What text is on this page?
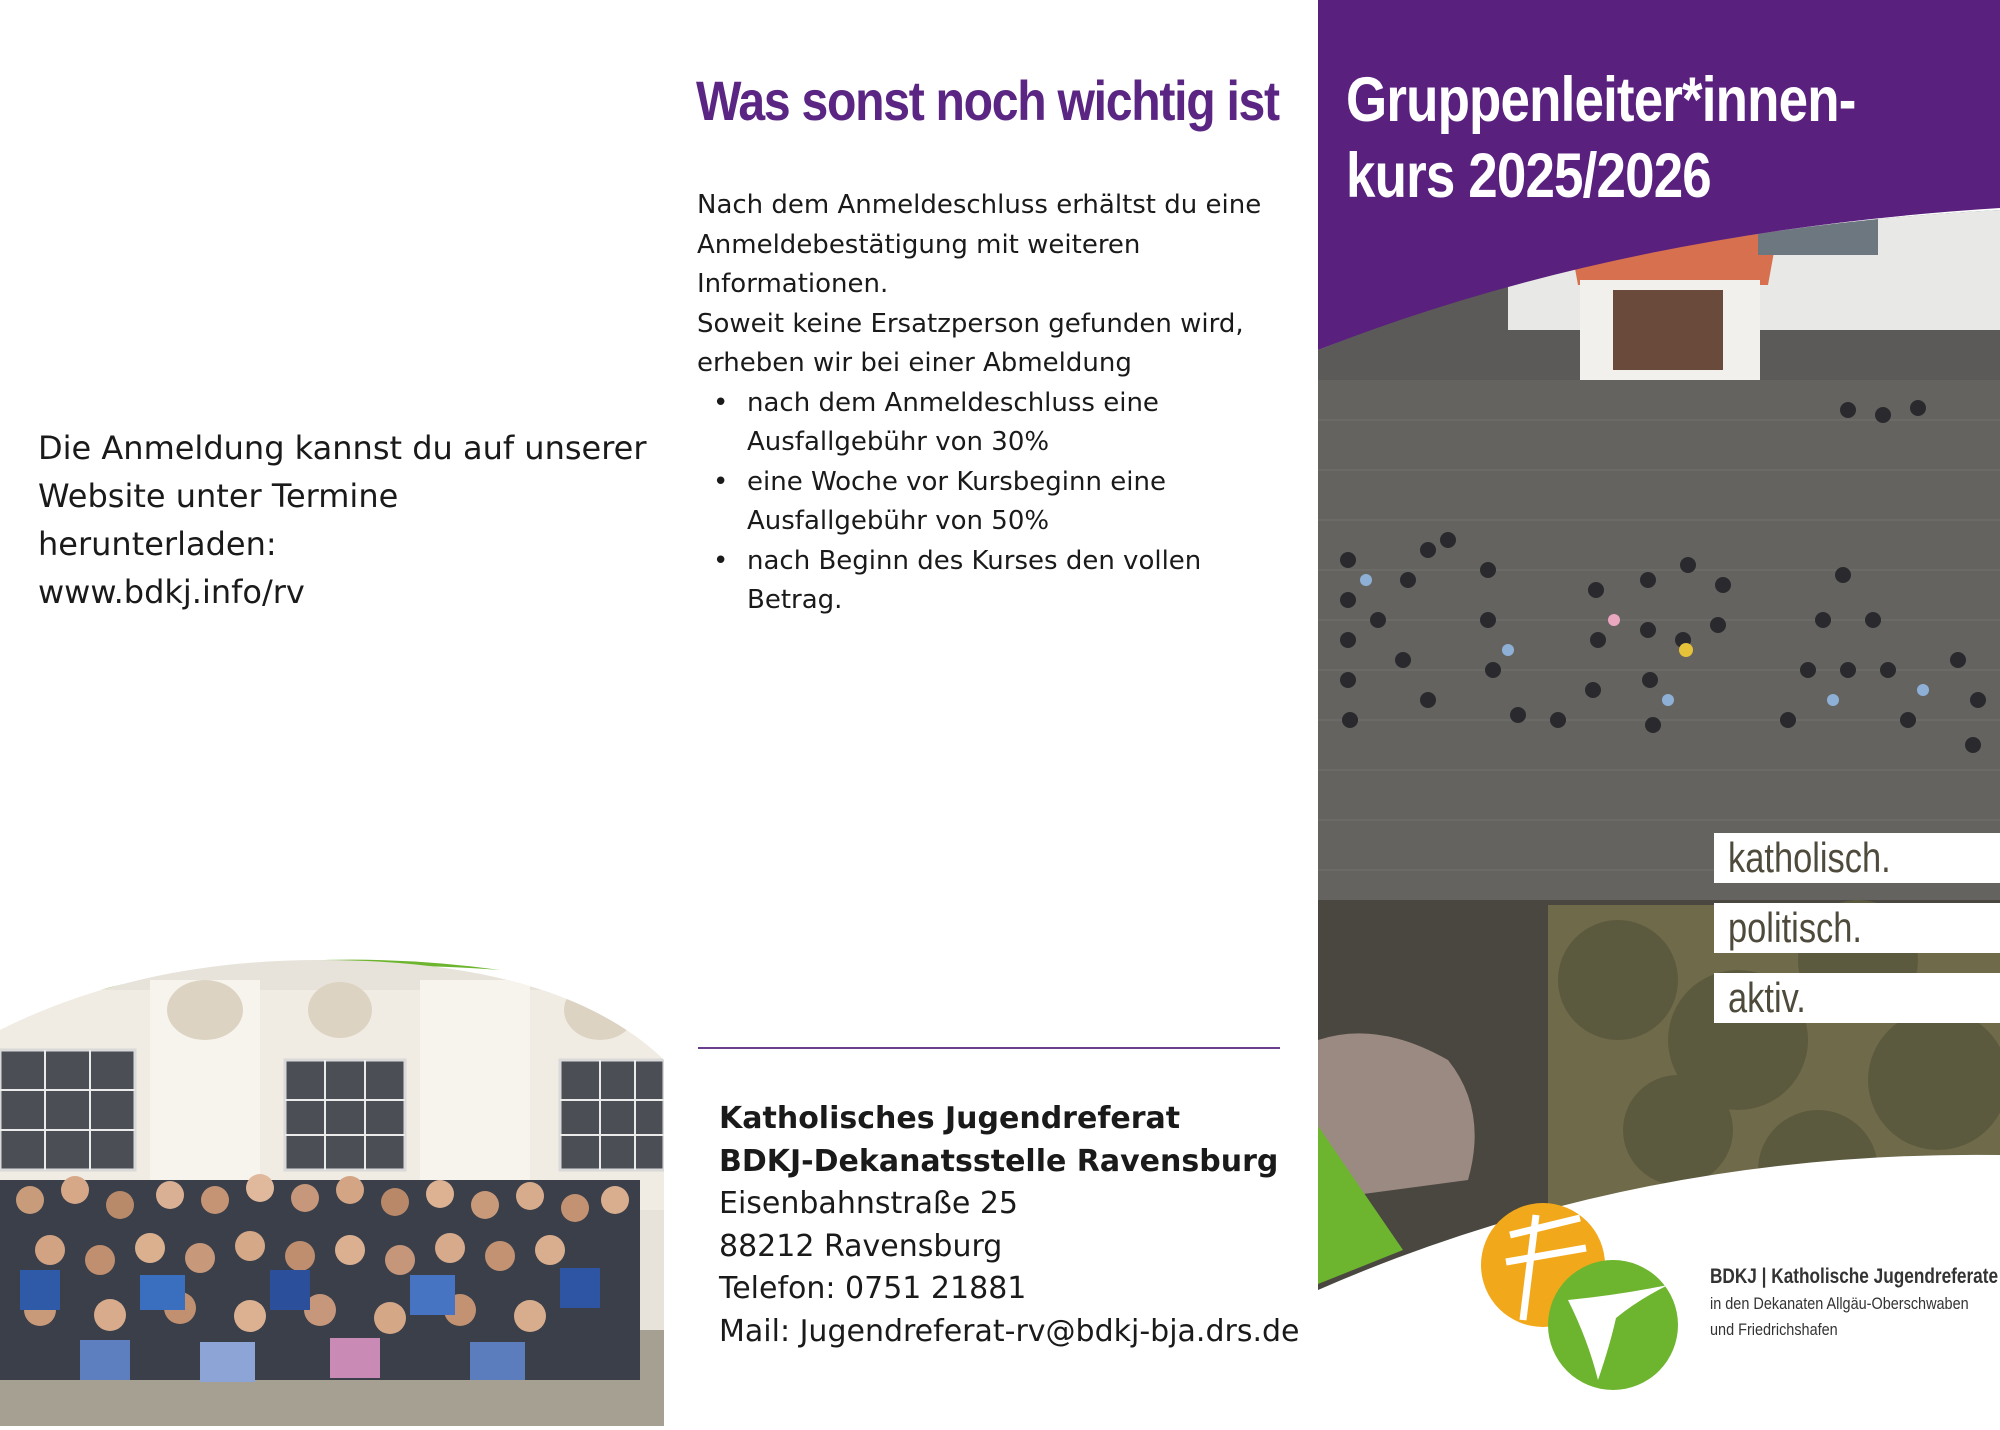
Die Anmeldung kannst du auf unserer

Website unter Termine

herunterladen:

www.bdkj.info/rv

Was sonst noch wichtig ist

Nach dem Anmeldeschluss erhältst du eine

Anmeldebestätigung mit weiteren

Informationen.

Soweit keine Ersatzperson gefunden wird,

erheben wir bei einer Abmeldung

• nach dem Anmeldeschluss eine
Ausfallgebühr von 30%
• eine Woche vor Kursbeginn eine
Ausfallgebühr von 50%
• nach Beginn des Kurses den vollen
Betrag.

Katholisches Jugendreferat

BDKJ-Dekanatsstelle Ravensburg

Eisenbahnstraße 25

88212 Ravensburg

Telefon: 0751 21881

Mail: Jugendreferat-rv@bdkj-bja.drs.de

Gruppenleiter*innen-
kurs 2025/2026
katholisch.
politisch.
aktiv.
BDKJ | Katholische Jugendreferate
in den Dekanaten Allgäu-Oberschwaben
und Friedrichshafen
